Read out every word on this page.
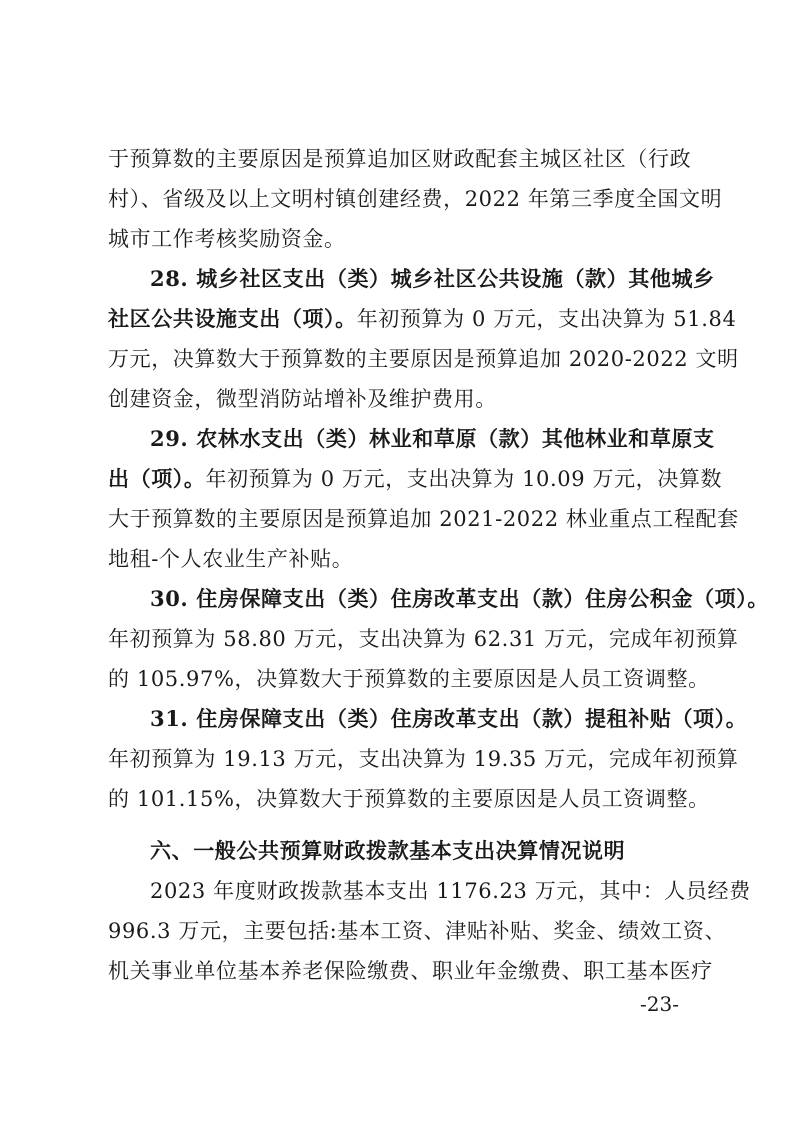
于预算数的主要原因是预算追加区财政配套主城区社区（行政
村）、省级及以上文明村镇创建经费，2022 年第三季度全国文明
城市工作考核奖励资金。
28. 城乡社区支出（类）城乡社区公共设施（款）其他城乡
社区公共设施支出（项）。年初预算为 0 万元，支出决算为 51.84
万元，决算数大于预算数的主要原因是预算追加 2020-2022 文明
创建资金，微型消防站增补及维护费用。
29. 农林水支出（类）林业和草原（款）其他林业和草原支
出（项）。年初预算为 0 万元，支出决算为 10.09 万元，决算数
大于预算数的主要原因是预算追加 2021-2022 林业重点工程配套
地租-个人农业生产补贴。
30. 住房保障支出（类）住房改革支出（款）住房公积金（项）。
年初预算为 58.80 万元，支出决算为 62.31 万元，完成年初预算
的 105.97%，决算数大于预算数的主要原因是人员工资调整。
31. 住房保障支出（类）住房改革支出（款）提租补贴（项）。
年初预算为 19.13 万元，支出决算为 19.35 万元，完成年初预算
的 101.15%，决算数大于预算数的主要原因是人员工资调整。
六、一般公共预算财政拨款基本支出决算情况说明
2023 年度财政拨款基本支出 1176.23 万元，其中：人员经费
996.3 万元，主要包括:基本工资、津贴补贴、奖金、绩效工资、
机关事业单位基本养老保险缴费、职业年金缴费、职工基本医疗
-23-
